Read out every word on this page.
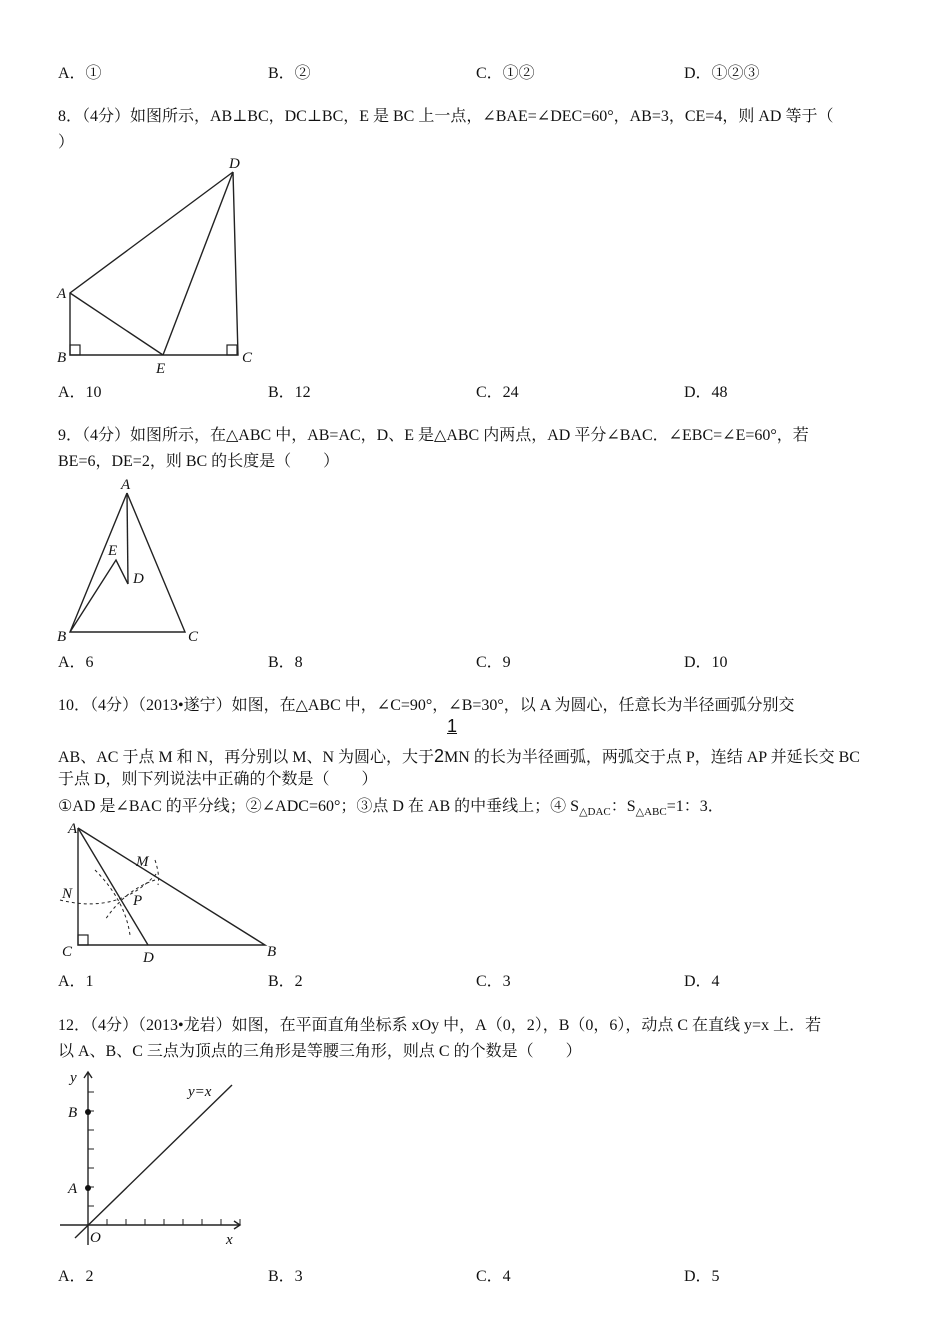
A．①	B．②	C．①②	D．①②③
8．（4分）如图所示，AB⊥BC，DC⊥BC，E 是 BC 上一点，∠BAE=∠DEC=60°，AB=3，CE=4，则 AD 等于（
）
D
A
B
E
C
A．10	B．12	C．24	D．48
9．（4分）如图所示，在△ABC 中，AB=AC，D、E 是△ABC 内两点，AD 平分∠BAC．∠EBC=∠E=60°，若
BE=6，DE=2，则 BC 的长度是（　　）
A
E
D
B	C
A．6	B．8	C．9	D．10
10．（4分）（2013•遂宁）如图，在△ABC 中，∠C=90°，∠B=30°，以 A 为圆心，任意长为半径画弧分别交
1
AB、AC 于点 M 和 N，再分别以 M、N 为圆心，大于2MN 的长为半径画弧，两弧交于点 P，连结 AP 并延长交 BC
于点 D，则下列说法中正确的个数是（　　）
①AD 是∠BAC 的平分线；②∠ADC=60°；③点 D 在 AB 的中垂线上；④ $S_{\triangle DAC}$：$S_{\triangle ABC}=1$：3．
A
M
N	P
C	D	B
A．1	B．2	C．3	D．4
12．（4分）（2013•龙岩）如图，在平面直角坐标系 xOy 中，A（0，2），B（0，6），动点 C 在直线 y=x 上．若
以 A、B、C 三点为顶点的三角形是等腰三角形，则点 C 的个数是（　　）
y
B
A
O	x
y=x
A．2	B．3	C．4	D．5
